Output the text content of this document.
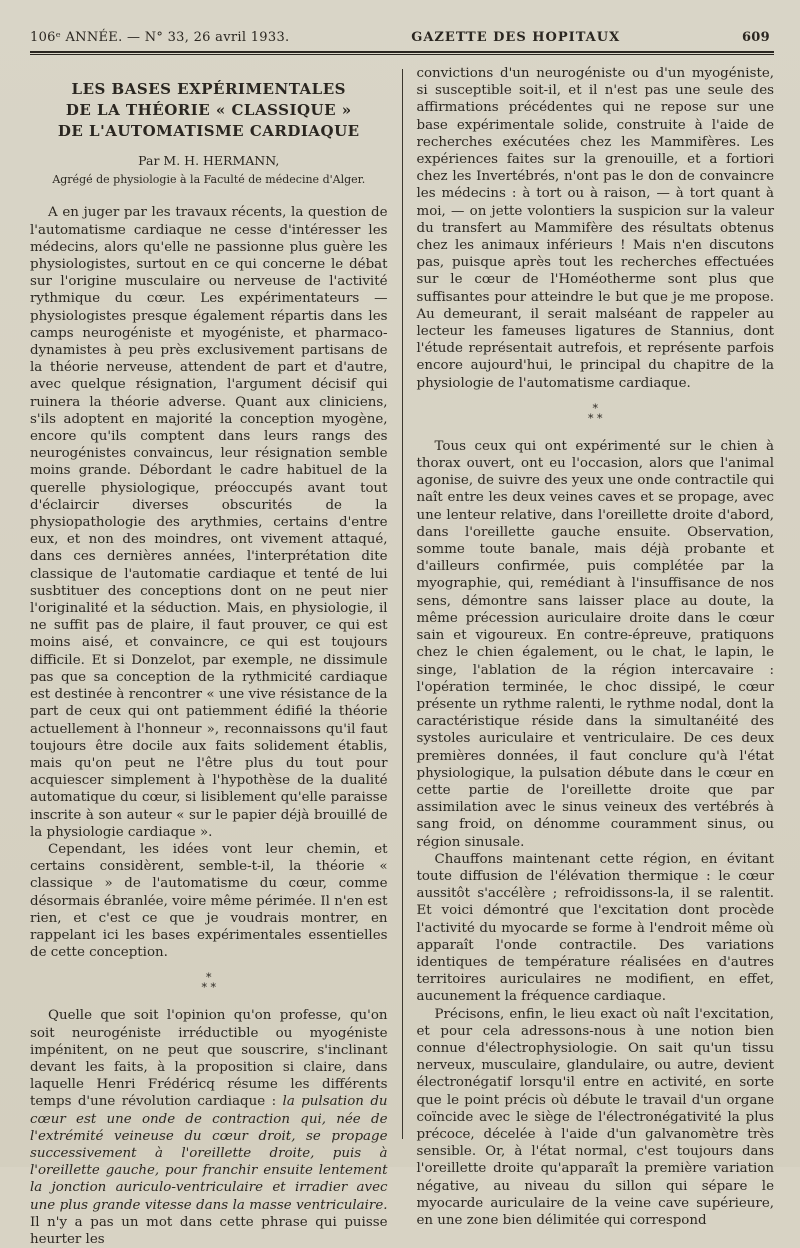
106ᵉ ANNÉE. — N° 33, 26 avril 1933.	GAZETTE DES HOPITAUX	609
LES BASES EXPÉRIMENTALES
DE LA THÉORIE « CLASSIQUE »
DE L'AUTOMATISME CARDIAQUE
Par M. H. HERMANN,
Agrégé de physiologie à la Faculté de médecine d'Alger.

A en juger par les travaux récents, la question de l'automatisme cardiaque ne cesse d'intéresser les médecins, alors qu'elle ne passionne plus guère les physiologistes, surtout en ce qui concerne le débat sur l'origine musculaire ou nerveuse de l'activité rythmique du cœur. Les expérimentateurs — physiologistes presque également répartis dans les camps neurogéniste et myogéniste, et pharmaco-dynamistes à peu près exclusivement partisans de la théorie nerveuse, attendent de part et d'autre, avec quelque résignation, l'argument décisif qui ruinera la théorie adverse. Quant aux cliniciens, s'ils adoptent en majorité la conception myogène, encore qu'ils comptent dans leurs rangs des neurogénistes convaincus, leur résignation semble moins grande. Débordant le cadre habituel de la querelle physiologique, préoccupés avant tout d'éclaircir diverses obscurités de la physiopathologie des arythmies, certains d'entre eux, et non des moindres, ont vivement attaqué, dans ces dernières années, l'interprétation dite classique de l'automatie cardiaque et tenté de lui susbtituer des conceptions dont on ne peut nier l'originalité et la séduction. Mais, en physiologie, il ne suffit pas de plaire, il faut prouver, ce qui est moins aisé, et convaincre, ce qui est toujours difficile. Et si Donzelot, par exemple, ne dissimule pas que sa conception de la rythmicité cardiaque est destinée à rencontrer « une vive résistance de la part de ceux qui ont patiemment édifié la théorie actuellement à l'honneur », reconnaissons qu'il faut toujours être docile aux faits solidement établis, mais qu'on peut ne l'être plus du tout pour acquiescer simplement à l'hypothèse de la dualité automatique du cœur, si lisiblement qu'elle paraisse inscrite à son auteur « sur le papier déjà brouillé de la physiologie cardiaque ».

Cependant, les idées vont leur chemin, et certains considèrent, semble-t-il, la théorie « classique » de l'automatisme du cœur, comme désormais ébranlée, voire même périmée. Il n'en est rien, et c'est ce que je voudrais montrer, en rappelant ici les bases expérimentales essentielles de cette conception.

*
* *

Quelle que soit l'opinion qu'on professe, qu'on soit neurogéniste irréductible ou myogéniste impénitent, on ne peut que souscrire, s'inclinant devant les faits, à la proposition si claire, dans laquelle Henri Frédéricq résume les différents temps d'une révolution cardiaque : la pulsation du cœur est une onde de contraction qui, née de l'extrémité veineuse du cœur droit, se propage successivement à l'oreillette droite, puis à l'oreillette gauche, pour franchir ensuite lentement la jonction auriculo-ventriculaire et irradier avec une plus grande vitesse dans la masse ventriculaire. Il n'y a pas un mot dans cette phrase qui puisse heurter les

convictions d'un neurogéniste ou d'un myogéniste, si susceptible soit-il, et il n'est pas une seule des affirmations précédentes qui ne repose sur une base expérimentale solide, construite à l'aide de recherches exécutées chez les Mammifères. Les expériences faites sur la grenouille, et a fortiori chez les Invertébrés, n'ont pas le don de convaincre les médecins : à tort ou à raison, — à tort quant à moi, — on jette volontiers la suspicion sur la valeur du transfert au Mammifère des résultats obtenus chez les animaux inférieurs ! Mais n'en discutons pas, puisque après tout les recherches effectuées sur le cœur de l'Homéotherme sont plus que suffisantes pour atteindre le but que je me propose. Au demeurant, il serait malséant de rappeler au lecteur les fameuses ligatures de Stannius, dont l'étude représentait autrefois, et représente parfois encore aujourd'hui, le principal du chapitre de la physiologie de l'automatisme cardiaque.

*
* *

Tous ceux qui ont expérimenté sur le chien à thorax ouvert, ont eu l'occasion, alors que l'animal agonise, de suivre des yeux une onde contractile qui naît entre les deux veines caves et se propage, avec une lenteur relative, dans l'oreillette droite d'abord, dans l'oreillette gauche ensuite. Observation, somme toute banale, mais déjà probante et d'ailleurs confirmée, puis complétée par la myographie, qui, remédiant à l'insuffisance de nos sens, démontre sans laisser place au doute, la même précession auriculaire droite dans le cœur sain et vigoureux. En contre-épreuve, pratiquons chez le chien également, ou le chat, le lapin, le singe, l'ablation de la région intercavaire : l'opération terminée, le choc dissipé, le cœur présente un rythme ralenti, le rythme nodal, dont la caractéristique réside dans la simultanéité des systoles auriculaire et ventriculaire. De ces deux premières données, il faut conclure qu'à l'état physiologique, la pulsation débute dans le cœur en cette partie de l'oreillette droite que par assimilation avec le sinus veineux des vertébrés à sang froid, on dénomme couramment sinus, ou région sinusale.

Chauffons maintenant cette région, en évitant toute diffusion de l'élévation thermique : le cœur aussitôt s'accélère ; refroidissons-la, il se ralentit. Et voici démontré que l'excitation dont procède l'activité du myocarde se forme à l'endroit même où apparaît l'onde contractile. Des variations identiques de température réalisées en d'autres territoires auriculaires ne modifient, en effet, aucunement la fréquence cardiaque.

Précisons, enfin, le lieu exact où naît l'excitation, et pour cela adressons-nous à une notion bien connue d'électrophysiologie. On sait qu'un tissu nerveux, musculaire, glandulaire, ou autre, devient électronégatif lorsqu'il entre en activité, en sorte que le point précis où débute le travail d'un organe coïncide avec le siège de l'électronégativité la plus précoce, décelée à l'aide d'un galvanomètre très sensible. Or, à l'état normal, c'est toujours dans l'oreillette droite qu'apparaît la première variation négative, au niveau du sillon qui sépare le myocarde auriculaire de la veine cave supérieure, en une zone bien délimitée qui correspond
